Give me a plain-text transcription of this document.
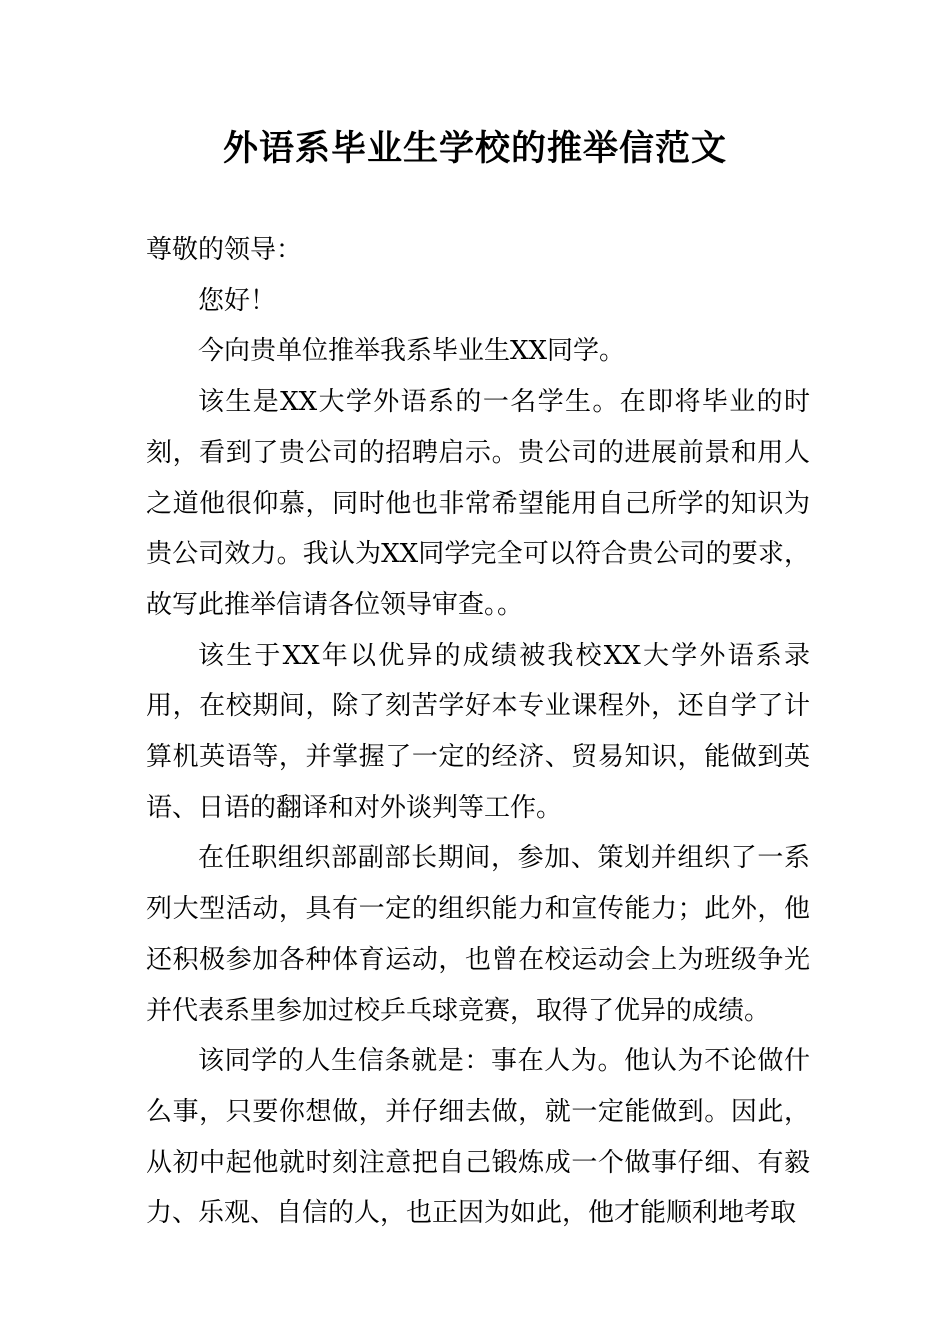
外语系毕业生学校的推举信范文

尊敬的领导：

您好！

今向贵单位推举我系毕业生XX同学。

该生是XX大学外语系的一名学生。在即将毕业的时刻，看到了贵公司的招聘启示。贵公司的进展前景和用人之道他很仰慕，同时他也非常希望能用自己所学的知识为贵公司效力。我认为XX同学完全可以符合贵公司的要求，故写此推举信请各位领导审查。。

该生于XX年以优异的成绩被我校XX大学外语系录用，在校期间，除了刻苦学好本专业课程外，还自学了计算机英语等，并掌握了一定的经济、贸易知识，能做到英语、日语的翻译和对外谈判等工作。

在任职组织部副部长期间，参加、策划并组织了一系列大型活动，具有一定的组织能力和宣传能力；此外，他还积极参加各种体育运动，也曾在校运动会上为班级争光并代表系里参加过校乒乓球竞赛，取得了优异的成绩。

该同学的人生信条就是：事在人为。他认为不论做什么事，只要你想做，并仔细去做，就一定能做到。因此，从初中起他就时刻注意把自己锻炼成一个做事仔细、有毅力、乐观、自信的人，也正因为如此，他才能顺利地考取
